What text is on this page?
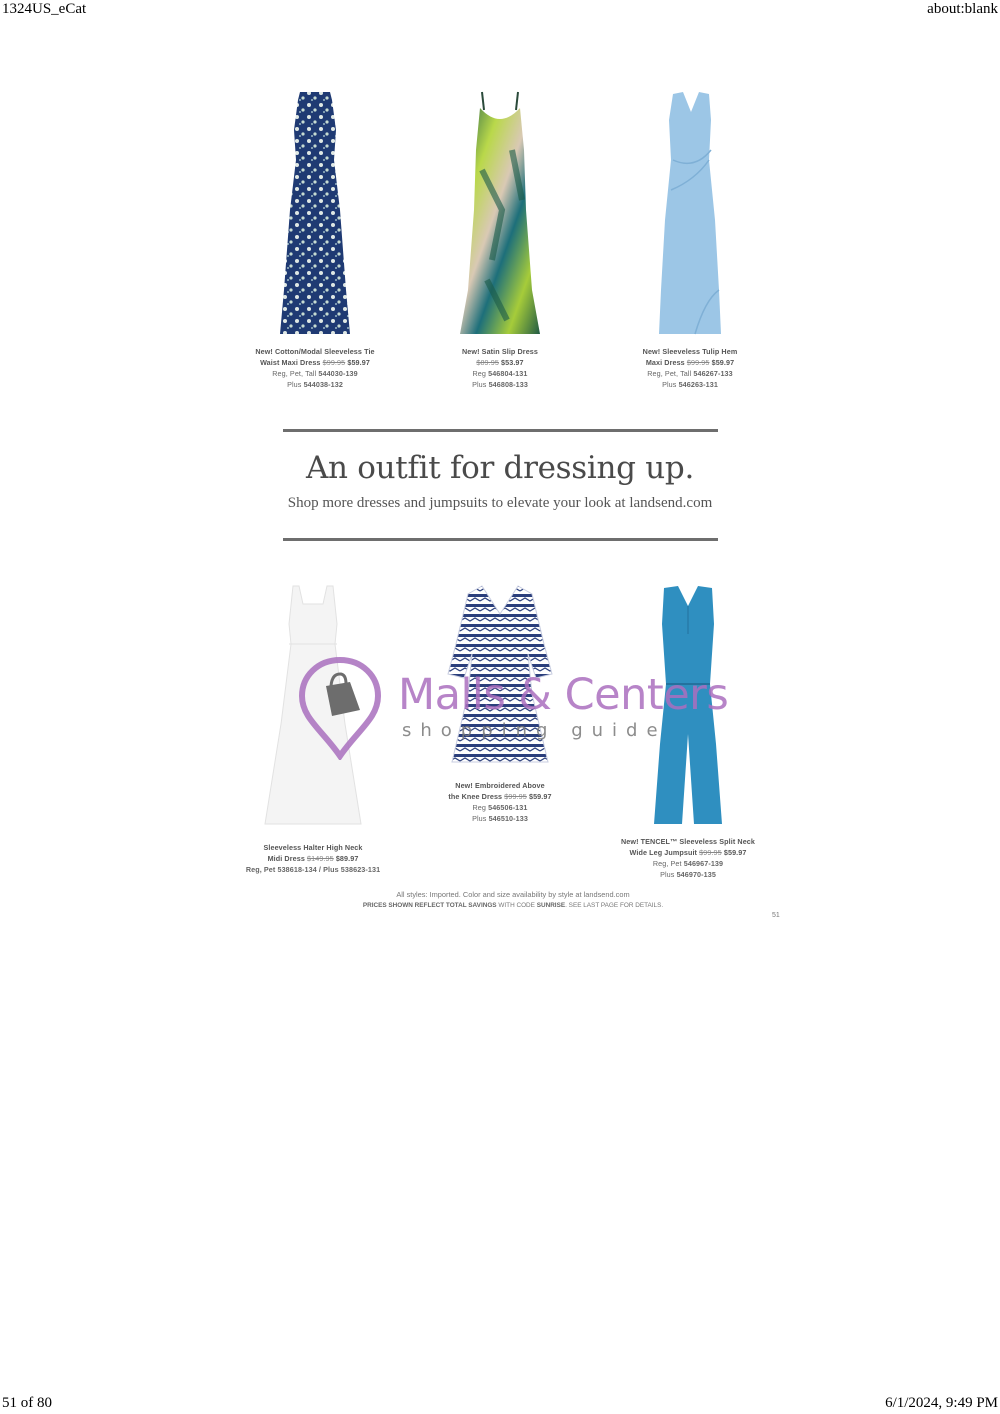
1324US_eCat	about:blank
New! Cotton/Modal Sleeveless Tie
Waist Maxi Dress $99.95 $59.97
Reg, Pet, Tall 544030-139
Plus 544038-132
New! Satin Slip Dress
$89.95 $53.97
Reg 546804-131
Plus 546808-133
New! Sleeveless Tulip Hem
Maxi Dress $99.95 $59.97
Reg, Pet, Tall 546267-133
Plus 546263-131
An outfit for dressing up.
Shop more dresses and jumpsuits to elevate your look at landsend.com
Sleeveless Halter High Neck
Midi Dress $149.95 $89.97
Reg, Pet 538618-134 / Plus 538623-131
New! Embroidered Above
the Knee Dress $99.95 $59.97
Reg 546506-131
Plus 546510-133
New! TENCEL™ Sleeveless Split Neck
Wide Leg Jumpsuit $99.95 $59.97
Reg, Pet 546967-139
Plus 546970-135
Malls & Centers
shopping guide
All styles: Imported. Color and size availability by style at landsend.com
PRICES SHOWN REFLECT TOTAL SAVINGS WITH CODE SUNRISE. SEE LAST PAGE FOR DETAILS.
51
51 of 80	6/1/2024, 9:49 PM
